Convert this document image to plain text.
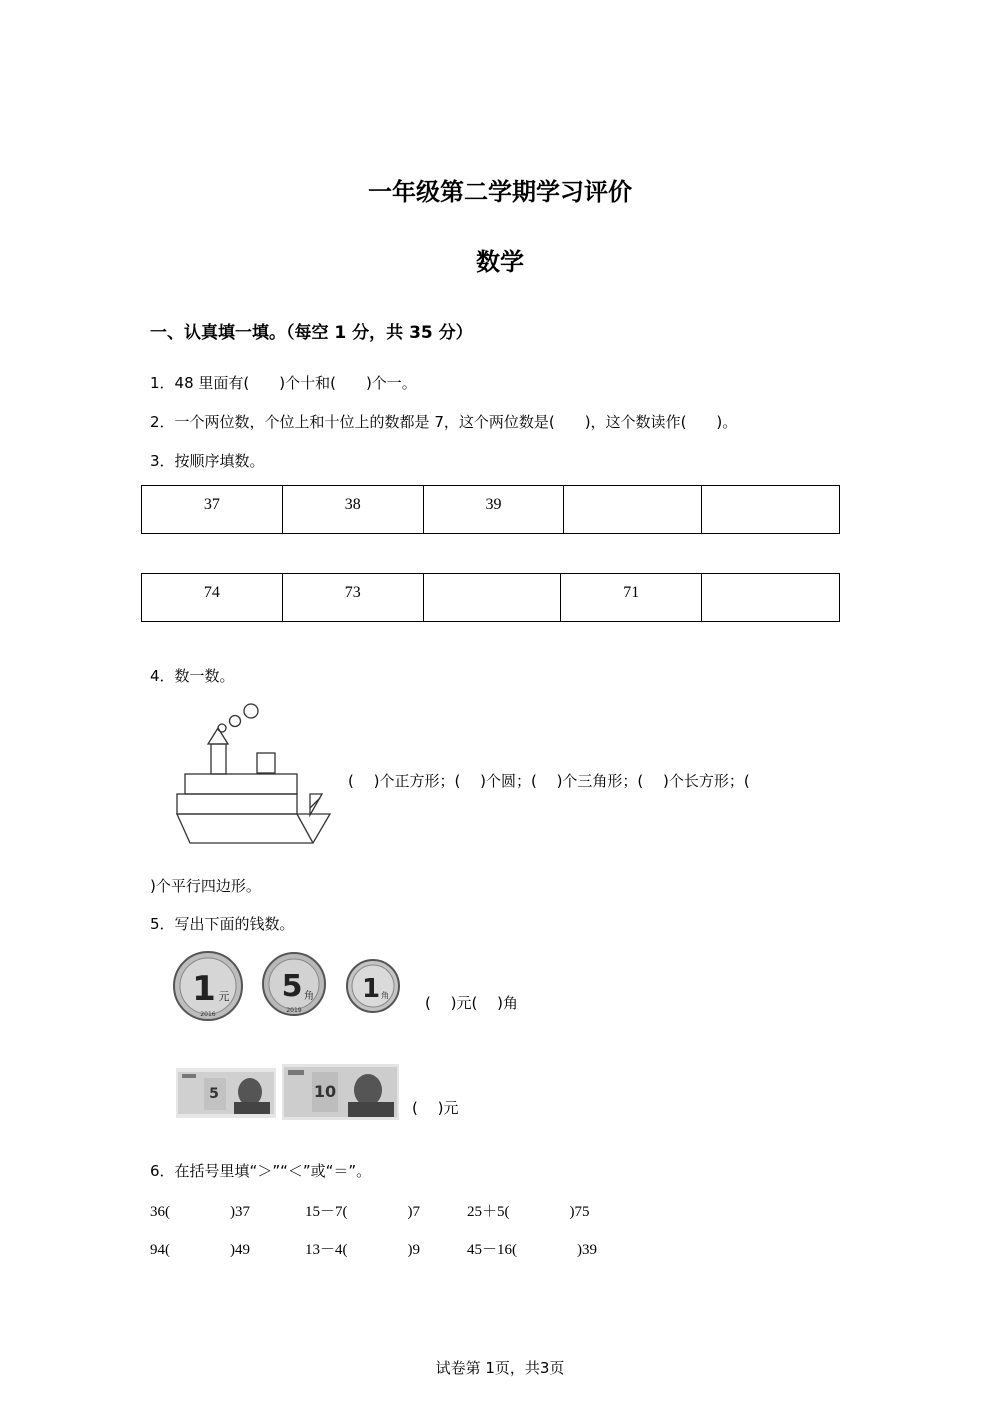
一年级第二学期学习评价
数学
一、认真填一填。（每空 1 分，共 35 分）
1．48 里面有(　　)个十和(　　)个一。
2．一个两位数，个位上和十位上的数都是 7，这个两位数是(　　)，这个数读作(　　)。
3．按顺序填数。
37	38	39		
74	73		71	
4．数一数。
(　 )个正方形；(　 )个圆；(　 )个三角形；(　 )个长方形；(
)个平行四边形。
5．写出下面的钱数。
1 元
2016
5 角
2019
1 角 (　 )元(　 )角
5	10
(　 )元
6．在括号里填“＞”“＜”或“＝”。
36(　　　　)37	15－7(　　　　)7	25＋5(　　　　)75
94(　　　　)49	13－4(　　　　)9	45－16(　　　　)39
试卷第 1页，共3页
